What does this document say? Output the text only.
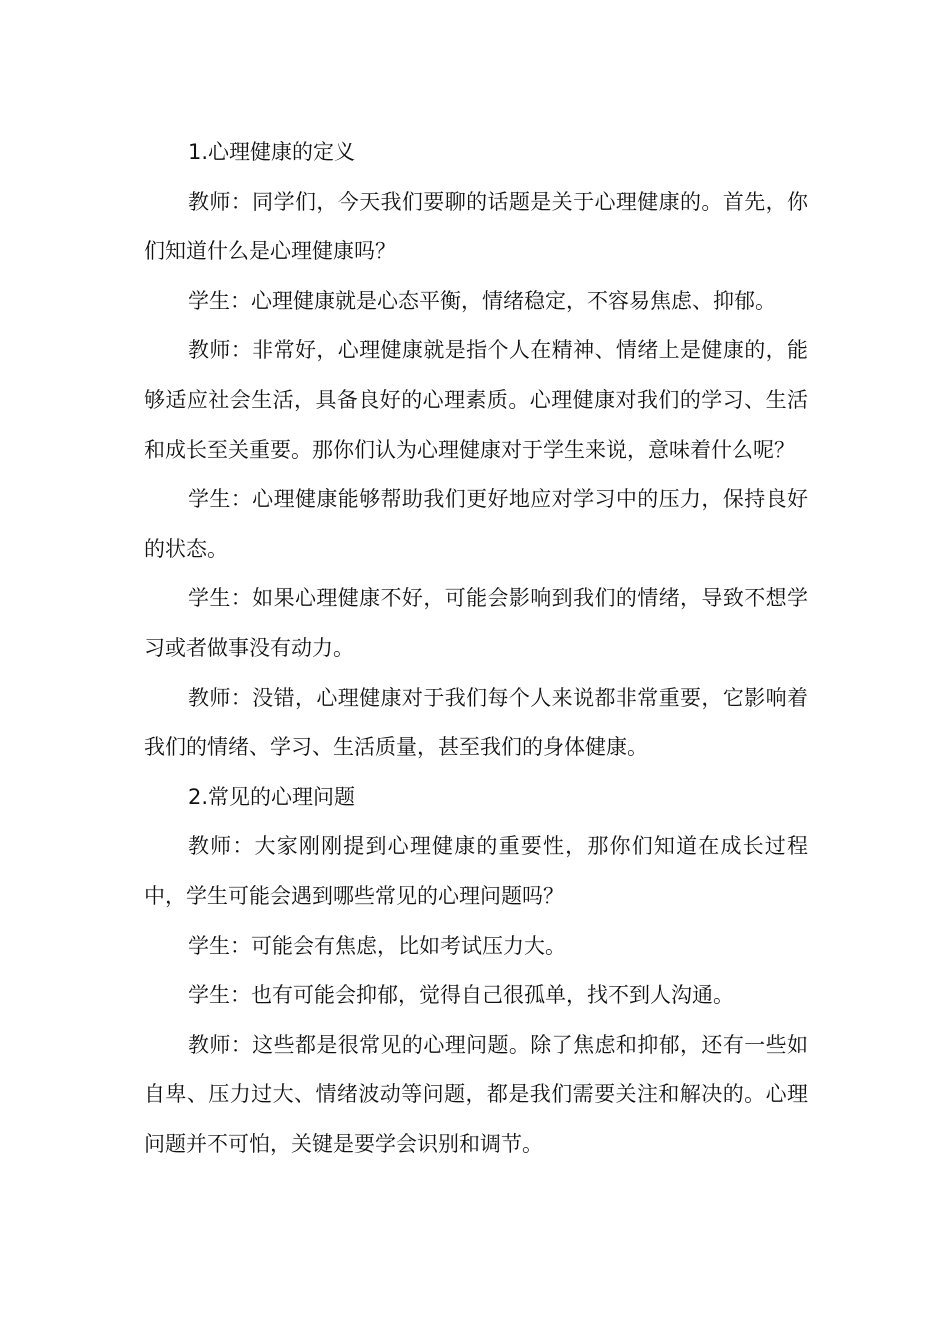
1.心理健康的定义

教师：同学们，今天我们要聊的话题是关于心理健康的。首先，你们知道什么是心理健康吗？

学生：心理健康就是心态平衡，情绪稳定，不容易焦虑、抑郁。

教师：非常好，心理健康就是指个人在精神、情绪上是健康的，能够适应社会生活，具备良好的心理素质。心理健康对我们的学习、生活和成长至关重要。那你们认为心理健康对于学生来说，意味着什么呢？

学生：心理健康能够帮助我们更好地应对学习中的压力，保持良好的状态。

学生：如果心理健康不好，可能会影响到我们的情绪，导致不想学习或者做事没有动力。

教师：没错，心理健康对于我们每个人来说都非常重要，它影响着我们的情绪、学习、生活质量，甚至我们的身体健康。

2.常见的心理问题

教师：大家刚刚提到心理健康的重要性，那你们知道在成长过程中，学生可能会遇到哪些常见的心理问题吗？

学生：可能会有焦虑，比如考试压力大。

学生：也有可能会抑郁，觉得自己很孤单，找不到人沟通。

教师：这些都是很常见的心理问题。除了焦虑和抑郁，还有一些如自卑、压力过大、情绪波动等问题，都是我们需要关注和解决的。心理问题并不可怕，关键是要学会识别和调节。
